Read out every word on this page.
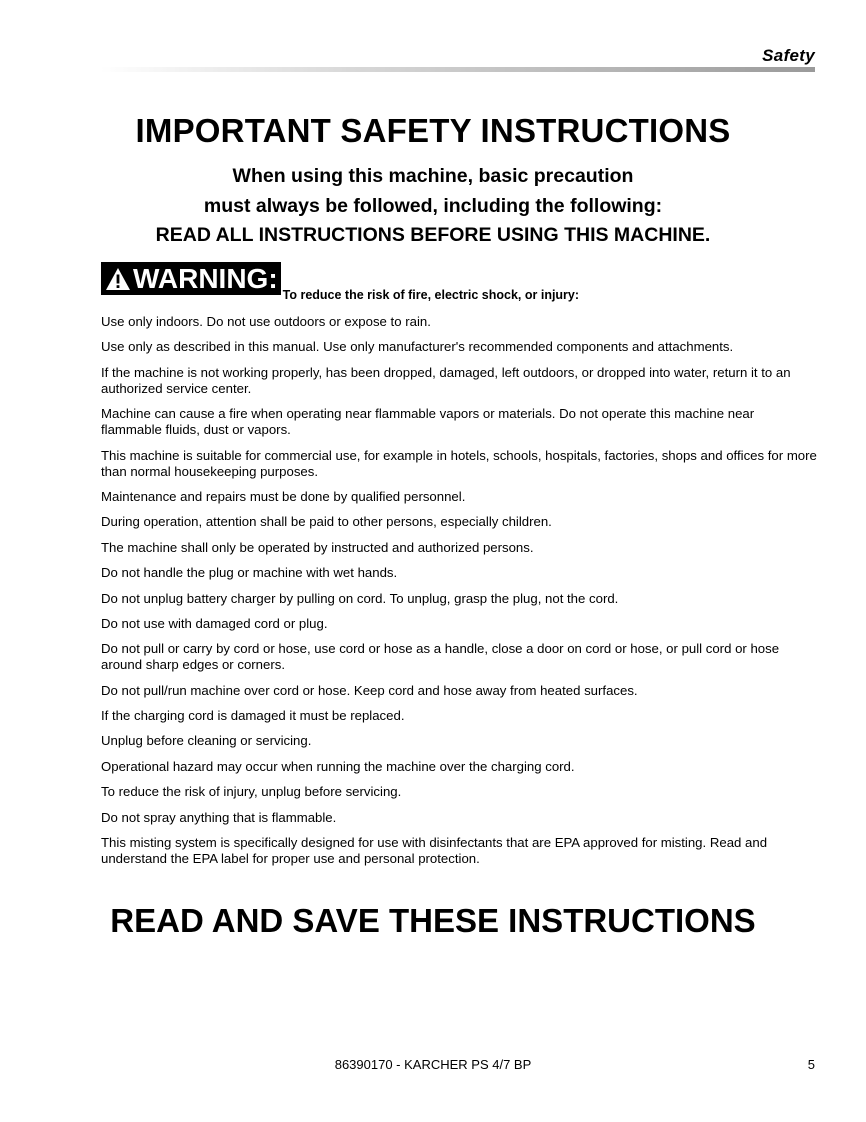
Safety
IMPORTANT SAFETY INSTRUCTIONS
When using this machine, basic precaution
must always be followed, including the following:
READ ALL INSTRUCTIONS BEFORE USING THIS MACHINE.
WARNING:
To reduce the risk of fire, electric shock, or injury:
Use only indoors. Do not use outdoors or expose to rain.
Use only as described in this manual. Use only manufacturer's recommended components and attachments.
If the machine is not working properly, has been dropped, damaged, left outdoors, or dropped into water, return it to an authorized service center.
Machine can cause a fire when operating near flammable vapors or materials. Do not operate this machine near flammable fluids, dust or vapors.
This machine is suitable for commercial use, for example in hotels, schools, hospitals, factories, shops and offices for more than normal housekeeping purposes.
Maintenance and repairs must be done by qualified personnel.
During operation, attention shall be paid to other persons, especially children.
The machine shall only be operated by instructed and authorized persons.
Do not handle the plug or machine with wet hands.
Do not unplug battery charger by pulling on cord. To unplug, grasp the plug, not the cord.
Do not use with damaged cord or plug.
Do not pull or carry by cord or hose, use cord or hose as a handle, close a door on cord or hose, or pull cord or hose around sharp edges or corners.
Do not pull/run machine over cord or hose. Keep cord and hose away from heated surfaces.
If the charging cord is damaged it must be replaced.
Unplug before cleaning or servicing.
Operational hazard may occur when running the machine over the charging cord.
To reduce the risk of injury, unplug before servicing.
Do not spray anything that is flammable.
This misting system is specifically designed for use with disinfectants that are EPA approved for misting. Read and understand the EPA label for proper use and personal protection.
READ AND SAVE THESE INSTRUCTIONS
86390170 - KARCHER PS 4/7 BP	5
